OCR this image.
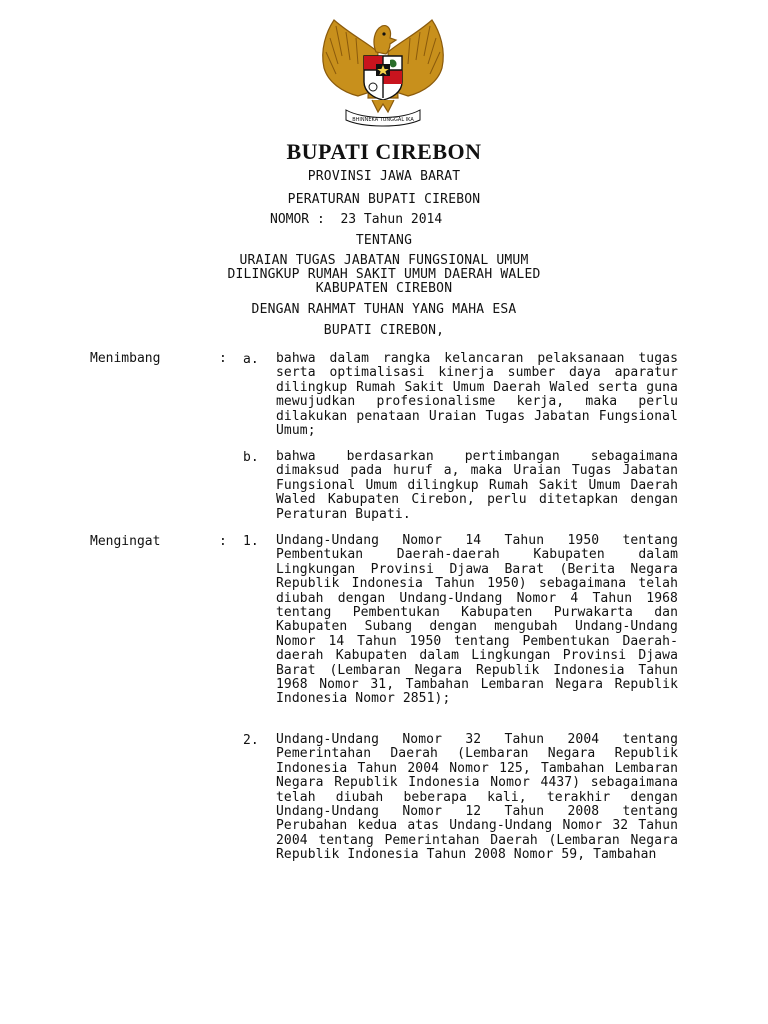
BHINNEKA TUNGGAL IKA
BUPATI CIREBON
PROVINSI JAWA BARAT
PERATURAN BUPATI CIREBON
NOMOR : 23 Tahun 2014
TENTANG
URAIAN TUGAS JABATAN FUNGSIONAL UMUM
DILINGKUP RUMAH SAKIT UMUM DAERAH WALED
KABUPATEN CIREBON
DENGAN RAHMAT TUHAN YANG MAHA ESA
BUPATI CIREBON,
Menimbang	: a. bahwa dalam rangka kelancaran pelaksanaan tugas serta optimalisasi kinerja sumber daya aparatur dilingkup Rumah Sakit Umum Daerah Waled serta guna mewujudkan profesionalisme kerja, maka perlu dilakukan penataan Uraian Tugas Jabatan Fungsional Umum;
b. bahwa berdasarkan pertimbangan sebagaimana dimaksud pada huruf a, maka Uraian Tugas Jabatan Fungsional Umum dilingkup Rumah Sakit Umum Daerah Waled Kabupaten Cirebon, perlu ditetapkan dengan Peraturan Bupati.
Mengingat	: 1. Undang-Undang Nomor 14 Tahun 1950 tentang Pembentukan Daerah-daerah Kabupaten dalam Lingkungan Provinsi Djawa Barat (Berita Negara Republik Indonesia Tahun 1950) sebagaimana telah diubah dengan Undang-Undang Nomor 4 Tahun 1968 tentang Pembentukan Kabupaten Purwakarta dan Kabupaten Subang dengan mengubah Undang-Undang Nomor 14 Tahun 1950 tentang Pembentukan Daerah-daerah Kabupaten dalam Lingkungan Provinsi Djawa Barat (Lembaran Negara Republik Indonesia Tahun 1968 Nomor 31, Tambahan Lembaran Negara Republik Indonesia Nomor 2851);
2. Undang-Undang Nomor 32 Tahun 2004 tentang Pemerintahan Daerah (Lembaran Negara Republik Indonesia Tahun 2004 Nomor 125, Tambahan Lembaran Negara Republik Indonesia Nomor 4437) sebagaimana telah diubah beberapa kali, terakhir dengan Undang-Undang Nomor 12 Tahun 2008 tentang Perubahan kedua atas Undang-Undang Nomor 32 Tahun 2004 tentang Pemerintahan Daerah (Lembaran Negara Republik Indonesia Tahun 2008 Nomor 59, Tambahan
